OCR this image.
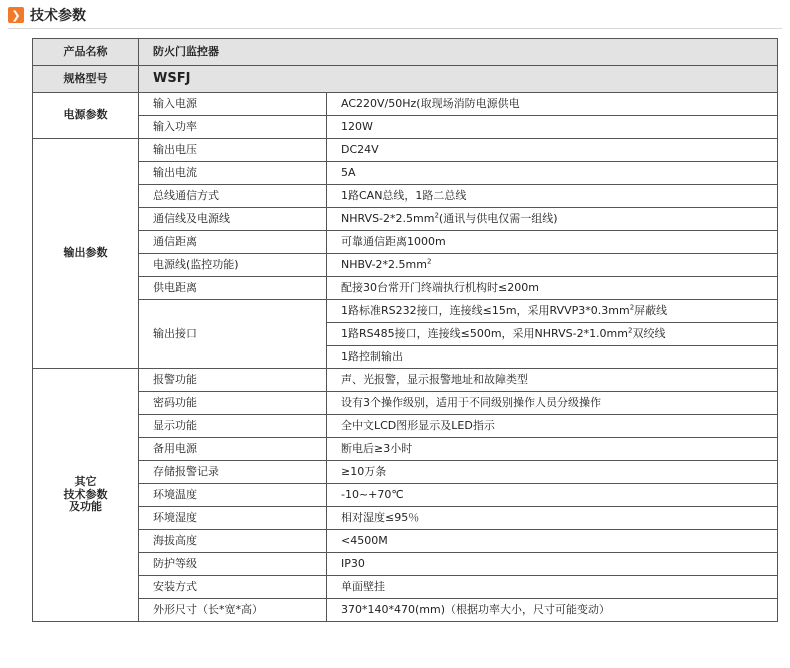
❯ 技术参数
产品名称	防火门监控器	
规格型号	WSFJ	
电源参数	输入电源	AC220V/50Hz(取现场消防电源供电
	输入功率	120W
输出参数	输出电压	DC24V
	输出电流	5A
	总线通信方式	1路CAN总线，1路二总线
	通信线及电源线	NHRVS-$2*2.5mm^2$(通讯与供电仅需一组线)
	通信距离	可靠通信距离1000m
	电源线(监控功能)	NHBV-$2*2.5mm^2$
	供电距离	配接30台常开门终端执行机构时≤200m
	输出接口	1路标准RS232接口，连接线≤15m，采用$RVVP3*0.3mm^2$屏蔽线
		1路RS485接口，连接线≤500m，采用NHRVS-$2*1.0mm^2$双绞线
		1路控制输出

其它
技术参数
及功能	报警功能	声、光报警，显示报警地址和故障类型
	密码功能	设有3个操作级别，适用于不同级别操作人员分级操作
	显示功能	全中文LCD图形显示及LED指示
	备用电源	断电后≥3小时
	存储报警记录	≥10万条
	环境温度	-10~+70℃
	环境湿度	相对湿度≤95％
	海拔高度	<4500M
	防护等级	IP30
	安装方式	单面壁挂
	外形尺寸（长*宽*高）	370*140*470(mm)（根据功率大小，尺寸可能变动）
